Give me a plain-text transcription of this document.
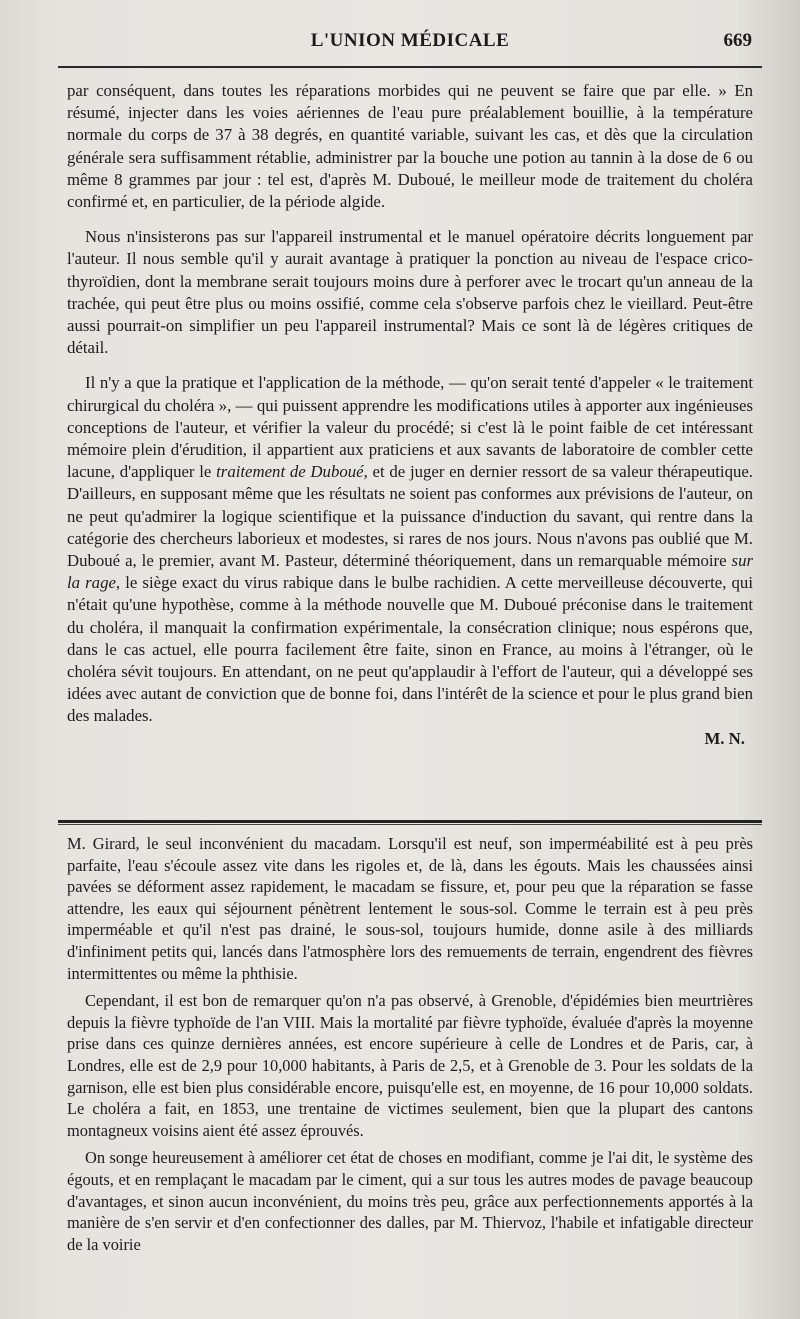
L'UNION MÉDICALE	669

par conséquent, dans toutes les réparations morbides qui ne peuvent se faire que par elle. » En résumé, injecter dans les voies aériennes de l'eau pure préalablement bouillie, à la température normale du corps de 37 à 38 degrés, en quantité variable, suivant les cas, et dès que la circulation générale sera suffisamment rétablie, administrer par la bouche une potion au tannin à la dose de 6 ou même 8 grammes par jour : tel est, d'après M. Duboué, le meilleur mode de traitement du choléra confirmé et, en particulier, de la période algide.

Nous n'insisterons pas sur l'appareil instrumental et le manuel opératoire décrits longuement par l'auteur. Il nous semble qu'il y aurait avantage à pratiquer la ponction au niveau de l'espace crico-thyroïdien, dont la membrane serait toujours moins dure à perforer avec le trocart qu'un anneau de la trachée, qui peut être plus ou moins ossifié, comme cela s'observe parfois chez le vieillard. Peut-être aussi pourrait-on simplifier un peu l'appareil instrumental? Mais ce sont là de légères critiques de détail.

Il n'y a que la pratique et l'application de la méthode, — qu'on serait tenté d'appeler « le traitement chirurgical du choléra », — qui puissent apprendre les modifications utiles à apporter aux ingénieuses conceptions de l'auteur, et vérifier la valeur du procédé; si c'est là le point faible de cet intéressant mémoire plein d'érudition, il appartient aux praticiens et aux savants de laboratoire de combler cette lacune, d'appliquer le traitement de Duboué, et de juger en dernier ressort de sa valeur thérapeutique. D'ailleurs, en supposant même que les résultats ne soient pas conformes aux prévisions de l'auteur, on ne peut qu'admirer la logique scientifique et la puissance d'induction du savant, qui rentre dans la catégorie des chercheurs laborieux et modestes, si rares de nos jours. Nous n'avons pas oublié que M. Duboué a, le premier, avant M. Pasteur, déterminé théoriquement, dans un remarquable mémoire sur la rage, le siège exact du virus rabique dans le bulbe rachidien. A cette merveilleuse découverte, qui n'était qu'une hypothèse, comme à la méthode nouvelle que M. Duboué préconise dans le traitement du choléra, il manquait la confirmation expérimentale, la consécration clinique; nous espérons que, dans le cas actuel, elle pourra facilement être faite, sinon en France, au moins à l'étranger, où le choléra sévit toujours. En attendant, on ne peut qu'applaudir à l'effort de l'auteur, qui a développé ses idées avec autant de conviction que de bonne foi, dans l'intérêt de la science et pour le plus grand bien des malades.

M. N.

M. Girard, le seul inconvénient du macadam. Lorsqu'il est neuf, son imperméabilité est à peu près parfaite, l'eau s'écoule assez vite dans les rigoles et, de là, dans les égouts. Mais les chaussées ainsi pavées se déforment assez rapidement, le macadam se fissure, et, pour peu que la réparation se fasse attendre, les eaux qui séjournent pénètrent lentement le sous-sol. Comme le terrain est à peu près imperméable et qu'il n'est pas drainé, le sous-sol, toujours humide, donne asile à des milliards d'infiniment petits qui, lancés dans l'atmosphère lors des remuements de terrain, engendrent des fièvres intermittentes ou même la phthisie.

Cependant, il est bon de remarquer qu'on n'a pas observé, à Grenoble, d'épidémies bien meurtrières depuis la fièvre typhoïde de l'an VIII. Mais la mortalité par fièvre typhoïde, évaluée d'après la moyenne prise dans ces quinze dernières années, est encore supérieure à celle de Londres et de Paris, car, à Londres, elle est de 2,9 pour 10,000 habitants, à Paris de 2,5, et à Grenoble de 3. Pour les soldats de la garnison, elle est bien plus considérable encore, puisqu'elle est, en moyenne, de 16 pour 10,000 soldats. Le choléra a fait, en 1853, une trentaine de victimes seulement, bien que la plupart des cantons montagneux voisins aient été assez éprouvés.

On songe heureusement à améliorer cet état de choses en modifiant, comme je l'ai dit, le système des égouts, et en remplaçant le macadam par le ciment, qui a sur tous les autres modes de pavage beaucoup d'avantages, et sinon aucun inconvénient, du moins très peu, grâce aux perfectionnements apportés à la manière de s'en servir et d'en confectionner des dalles, par M. Thiervoz, l'habile et infatigable directeur de la voirie
